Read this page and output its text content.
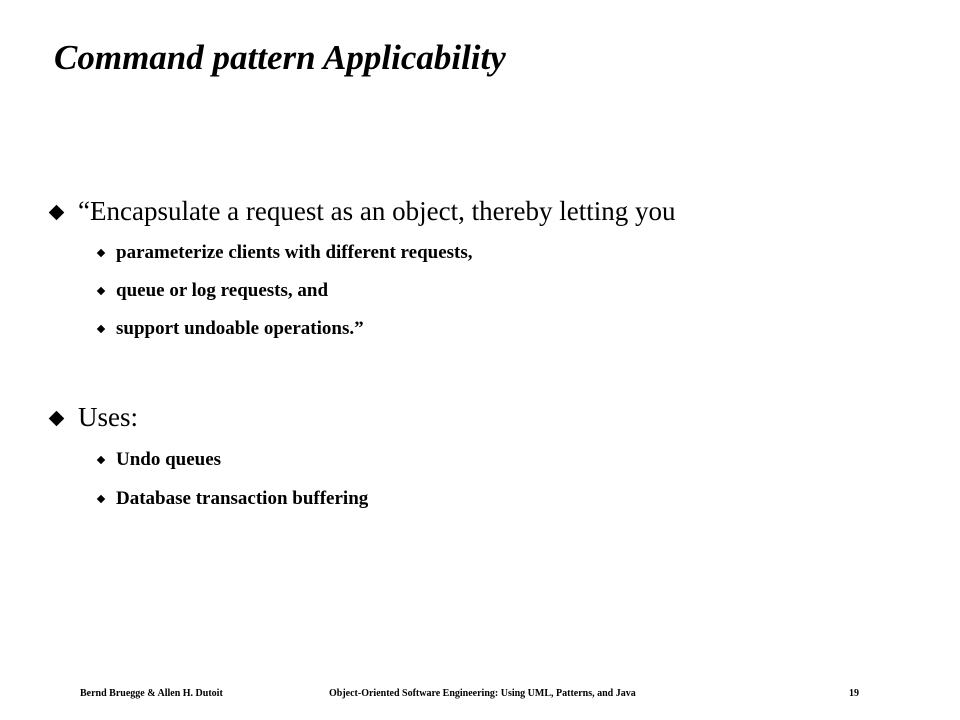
Command pattern Applicability
“Encapsulate a request as an object, thereby letting you
parameterize clients with different requests,
queue or log requests, and
support undoable operations.”
Uses:
Undo queues
Database transaction buffering
Bernd Bruegge & Allen H. Dutoit	Object-Oriented Software Engineering: Using UML, Patterns, and Java	19
